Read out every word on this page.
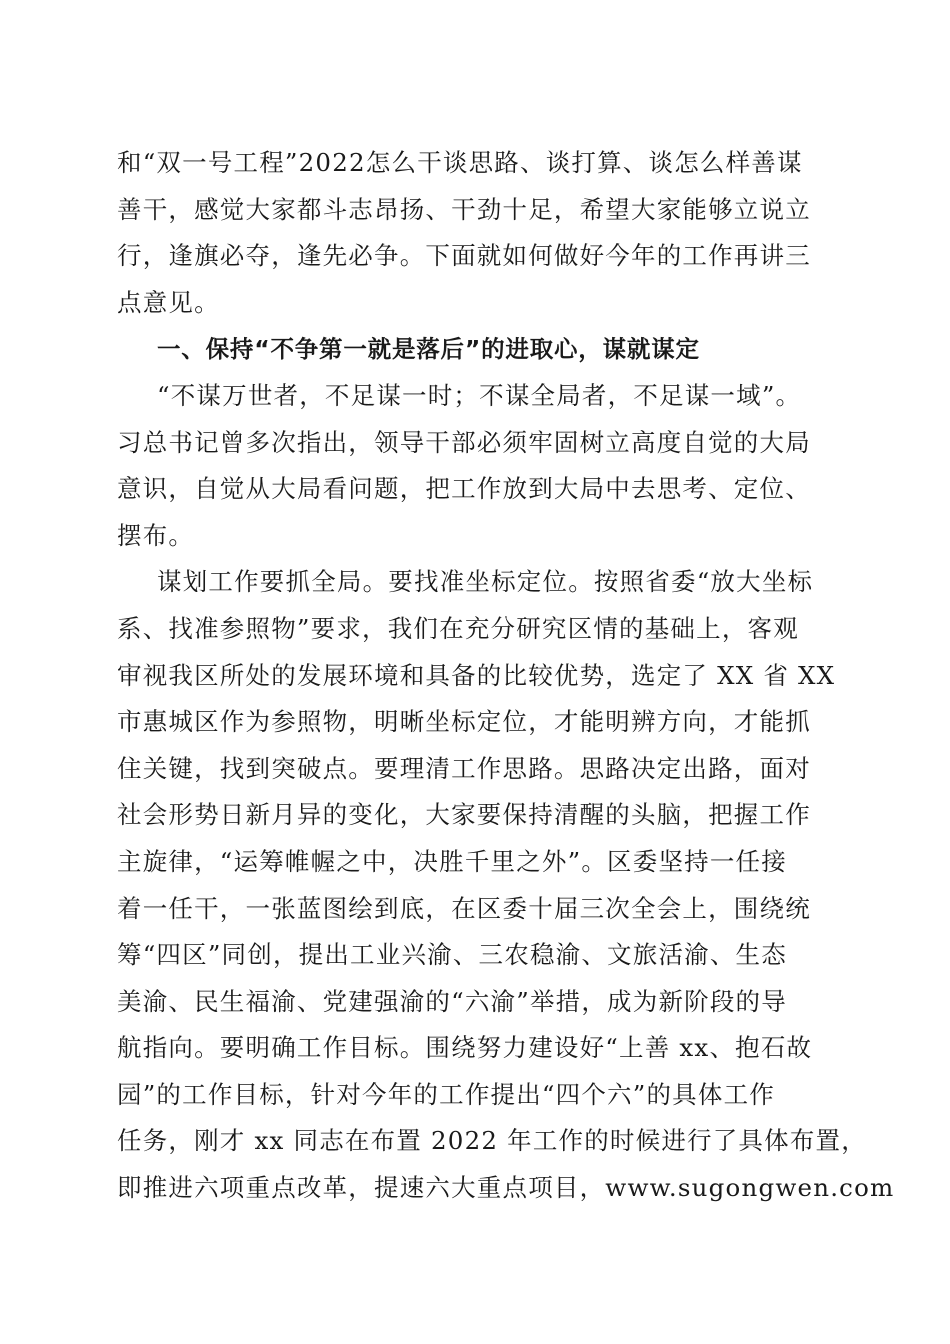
和“双一号工程”2022怎么干谈思路、谈打算、谈怎么样善谋
善干，感觉大家都斗志昂扬、干劲十足，希望大家能够立说立
行，逢旗必夺，逢先必争。下面就如何做好今年的工作再讲三
点意见。
一、保持“不争第一就是落后”的进取心，谋就谋定
“不谋万世者，不足谋一时；不谋全局者，不足谋一域”。
习总书记曾多次指出，领导干部必须牢固树立高度自觉的大局
意识，自觉从大局看问题，把工作放到大局中去思考、定位、
摆布。
谋划工作要抓全局。要找准坐标定位。按照省委“放大坐标
系、找准参照物”要求，我们在充分研究区情的基础上，客观
审视我区所处的发展环境和具备的比较优势，选定了 XX 省 XX
市惠城区作为参照物，明晰坐标定位，才能明辨方向，才能抓
住关键，找到突破点。要理清工作思路。思路决定出路，面对
社会形势日新月异的变化，大家要保持清醒的头脑，把握工作
主旋律，“运筹帷幄之中，决胜千里之外”。区委坚持一任接
着一任干，一张蓝图绘到底，在区委十届三次全会上，围绕统
筹“四区”同创，提出工业兴渝、三农稳渝、文旅活渝、生态
美渝、民生福渝、党建强渝的“六渝”举措，成为新阶段的导
航指向。要明确工作目标。围绕努力建设好“上善 xx、抱石故
园”的工作目标，针对今年的工作提出“四个六”的具体工作
任务，刚才 xx 同志在布置 2022 年工作的时候进行了具体布置，
即推进六项重点改革，提速六大重点项目，www.sugongwen.com
